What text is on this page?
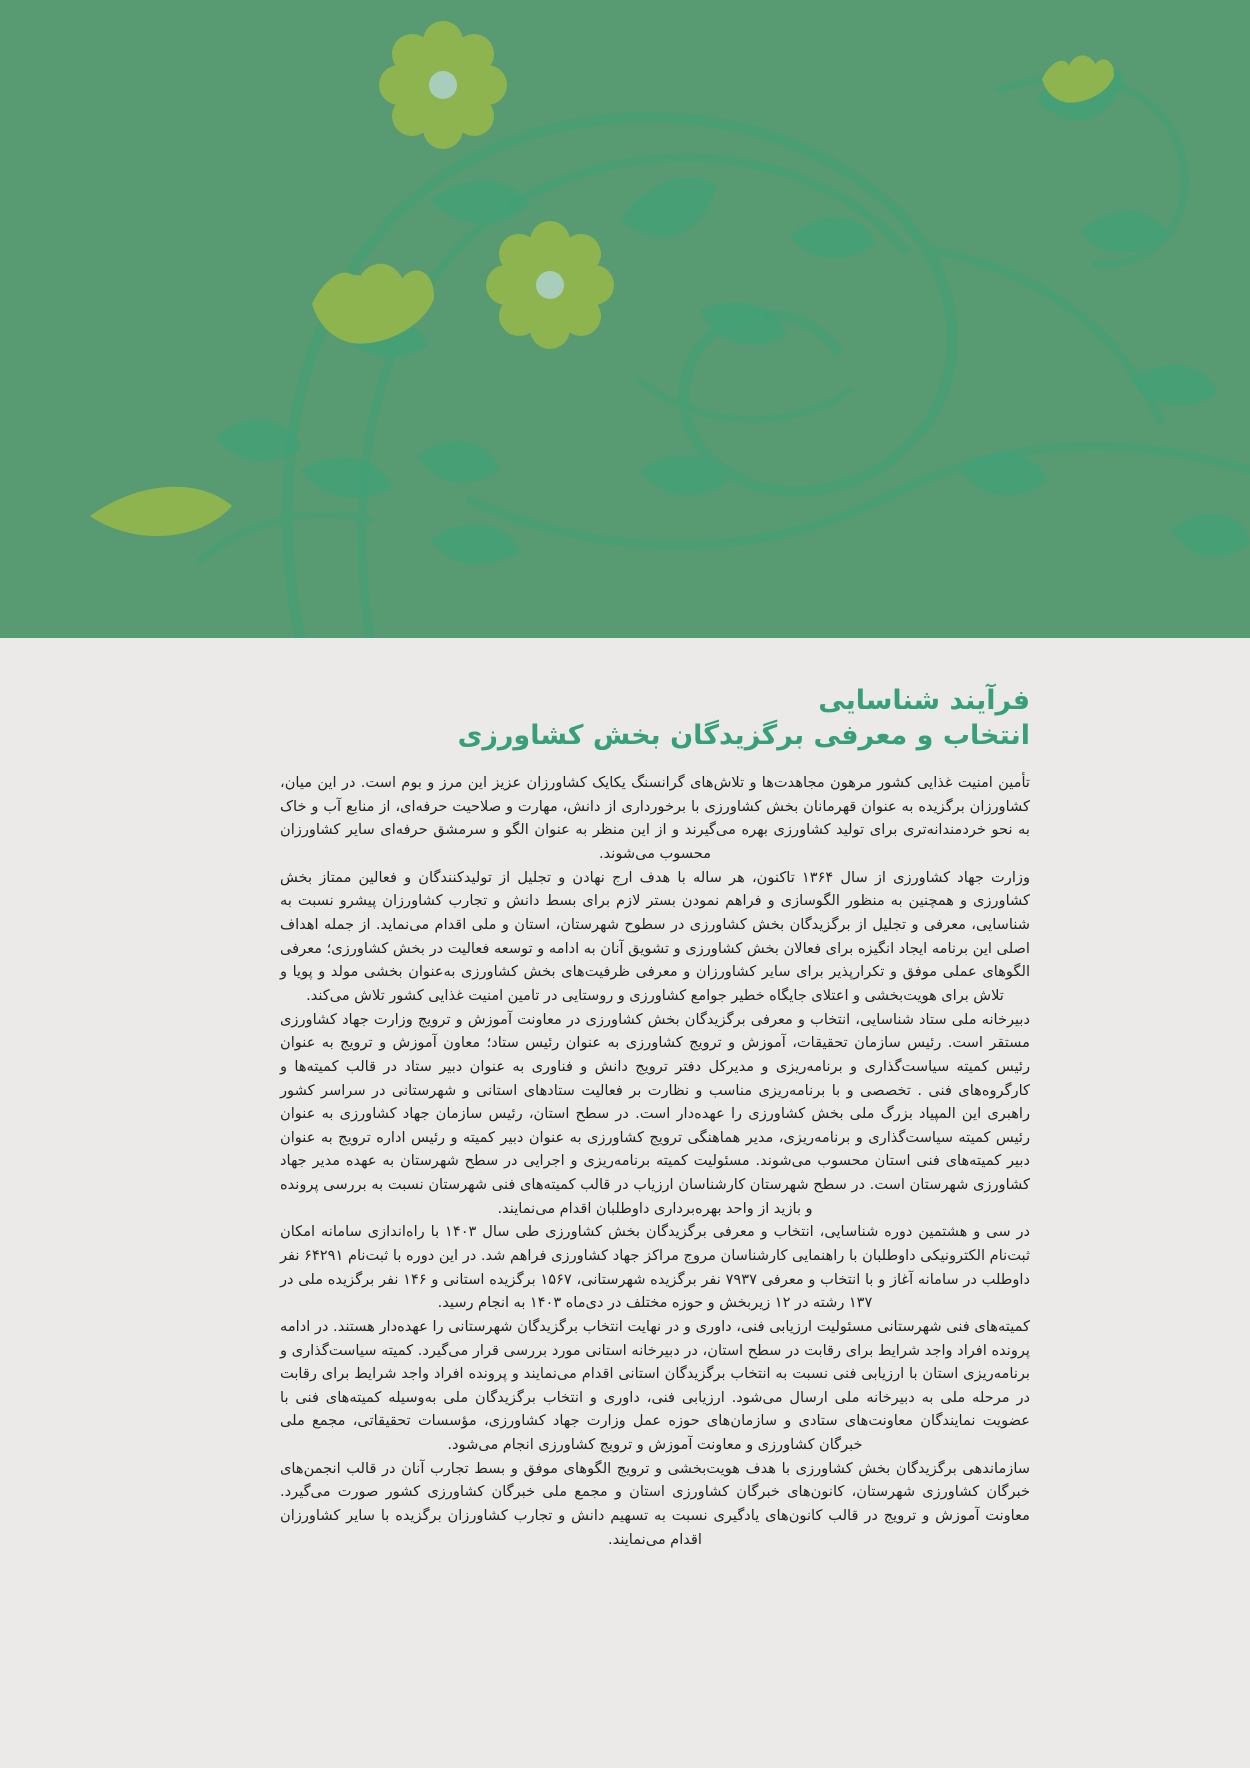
فرآیند شناسایی
انتخاب و معرفی برگزیدگان بخش کشاورزی

تأمین امنیت غذایی کشور مرهون مجاهدت‌ها و تلاش‌های گرانسنگ یکایک کشاورزان عزیز این مرز و بوم است. در این میان، کشاورزان برگزیده به عنوان قهرمانان بخش کشاورزی با برخورداری از دانش، مهارت و صلاحیت حرفه‌ای، از منابع آب و خاک به نحو خردمندانه‌تری برای تولید کشاورزی بهره می‌گیرند و از این منظر به عنوان الگو و سرمشق حرفه‌ای سایر کشاورزان محسوب می‌شوند.

وزارت جهاد کشاورزی از سال ۱۳۶۴ تاکنون، هر ساله با هدف ارج نهادن و تجلیل از تولیدکنندگان و فعالین ممتاز بخش کشاورزی و همچنین به منظور الگوسازی و فراهم نمودن بستر لازم برای بسط دانش و تجارب کشاورزان پیشرو نسبت به شناسایی، معرفی و تجلیل از برگزیدگان بخش کشاورزی در سطوح شهرستان، استان و ملی اقدام می‌نماید. از جمله اهداف اصلی این برنامه ایجاد انگیزه برای فعالان بخش کشاورزی و تشویق آنان به ادامه و توسعه فعالیت در بخش کشاورزی؛ معرفی الگوهای عملی موفق و تکرارپذیر برای سایر کشاورزان و معرفی ظرفیت‌های بخش کشاورزی به‌عنوان بخشی مولد و پویا و تلاش برای هویت‌بخشی و اعتلای جایگاه خطیر جوامع کشاورزی و روستایی در تامین امنیت غذایی کشور تلاش می‌کند.

دبیرخانه ملی ستاد شناسایی، انتخاب و معرفی برگزیدگان بخش کشاورزی در معاونت آموزش و ترویج وزارت جهاد کشاورزی مستقر است. رئیس سازمان تحقیقات، آموزش و ترویج کشاورزی به عنوان رئیس ستاد؛ معاون آموزش و ترویج به عنوان رئیس کمیته سیاست‌گذاری و برنامه‌ریزی و مدیرکل دفتر ترویج دانش و فناوری به عنوان دبیر ستاد در قالب کمیته‌ها و کارگروه‌های فنی . تخصصی و با برنامه‌ریزی مناسب و نظارت بر فعالیت ستادهای استانی و شهرستانی در سراسر کشور راهبری این المپیاد بزرگ ملی بخش کشاورزی را عهده‌دار است. در سطح استان، رئیس سازمان جهاد کشاورزی به عنوان رئیس کمیته سیاست‌گذاری و برنامه‌ریزی، مدیر هماهنگی ترویج کشاورزی به عنوان دبیر کمیته و رئیس اداره ترویج به عنوان دبیر کمیته‌های فنی استان محسوب می‌شوند. مسئولیت کمیته برنامه‌ریزی و اجرایی در سطح شهرستان به عهده مدیر جهاد کشاورزی شهرستان است. در سطح شهرستان کارشناسان ارزیاب در قالب کمیته‌های فنی شهرستان نسبت به بررسی پرونده و بازید از واحد بهره‌برداری داوطلبان اقدام می‌نمایند.

در سی و هشتمین دوره شناسایی، انتخاب و معرفی برگزیدگان بخش کشاورزی طی سال ۱۴۰۳ با راه‌اندازی سامانه امکان ثبت‌نام الکترونیکی داوطلبان با راهنمایی کارشناسان مروج مراکز جهاد کشاورزی فراهم شد. در این دوره با ثبت‌نام ۶۴۲۹۱ نفر داوطلب در سامانه آغاز و با انتخاب و معرفی ۷۹۳۷ نفر برگزیده شهرستانی، ۱۵۶۷ برگزیده استانی و ۱۴۶ نفر برگزیده ملی در ۱۳۷ رشته در ۱۲ زیربخش و حوزه مختلف در دی‌ماه ۱۴۰۳ به انجام رسید.

کمیته‌های فنی شهرستانی مسئولیت ارزیابی فنی، داوری و در نهایت انتخاب برگزیدگان شهرستانی را عهده‌دار هستند. در ادامه پرونده افراد واجد شرایط برای رقابت در سطح استان، در دبیرخانه استانی مورد بررسی قرار می‌گیرد. کمیته سیاست‌گذاری و برنامه‌ریزی استان با ارزیابی فنی نسبت به انتخاب برگزیدگان استانی اقدام می‌نمایند و پرونده افراد واجد شرایط برای رقابت در مرحله ملی به دبیرخانه ملی ارسال می‌شود. ارزیابی فنی، داوری و انتخاب برگزیدگان ملی به‌وسیله کمیته‌های فنی با عضویت نمایندگان معاونت‌های ستادی و سازمان‌های حوزه عمل وزارت جهاد کشاورزی، مؤسسات تحقیقاتی، مجمع ملی خبرگان کشاورزی و معاونت آموزش و ترویج کشاورزی انجام می‌شود.

سازماندهی برگزیدگان بخش کشاورزی با هدف هویت‌بخشی و ترویج الگوهای موفق و بسط تجارب آنان در قالب انجمن‌های خبرگان کشاورزی شهرستان، کانون‌های خبرگان کشاورزی استان و مجمع ملی خبرگان کشاورزی کشور صورت می‌گیرد. معاونت آموزش و ترویج در قالب کانون‌های یادگیری نسبت به تسهیم دانش و تجارب کشاورزان برگزیده با سایر کشاورزان اقدام می‌نمایند.
